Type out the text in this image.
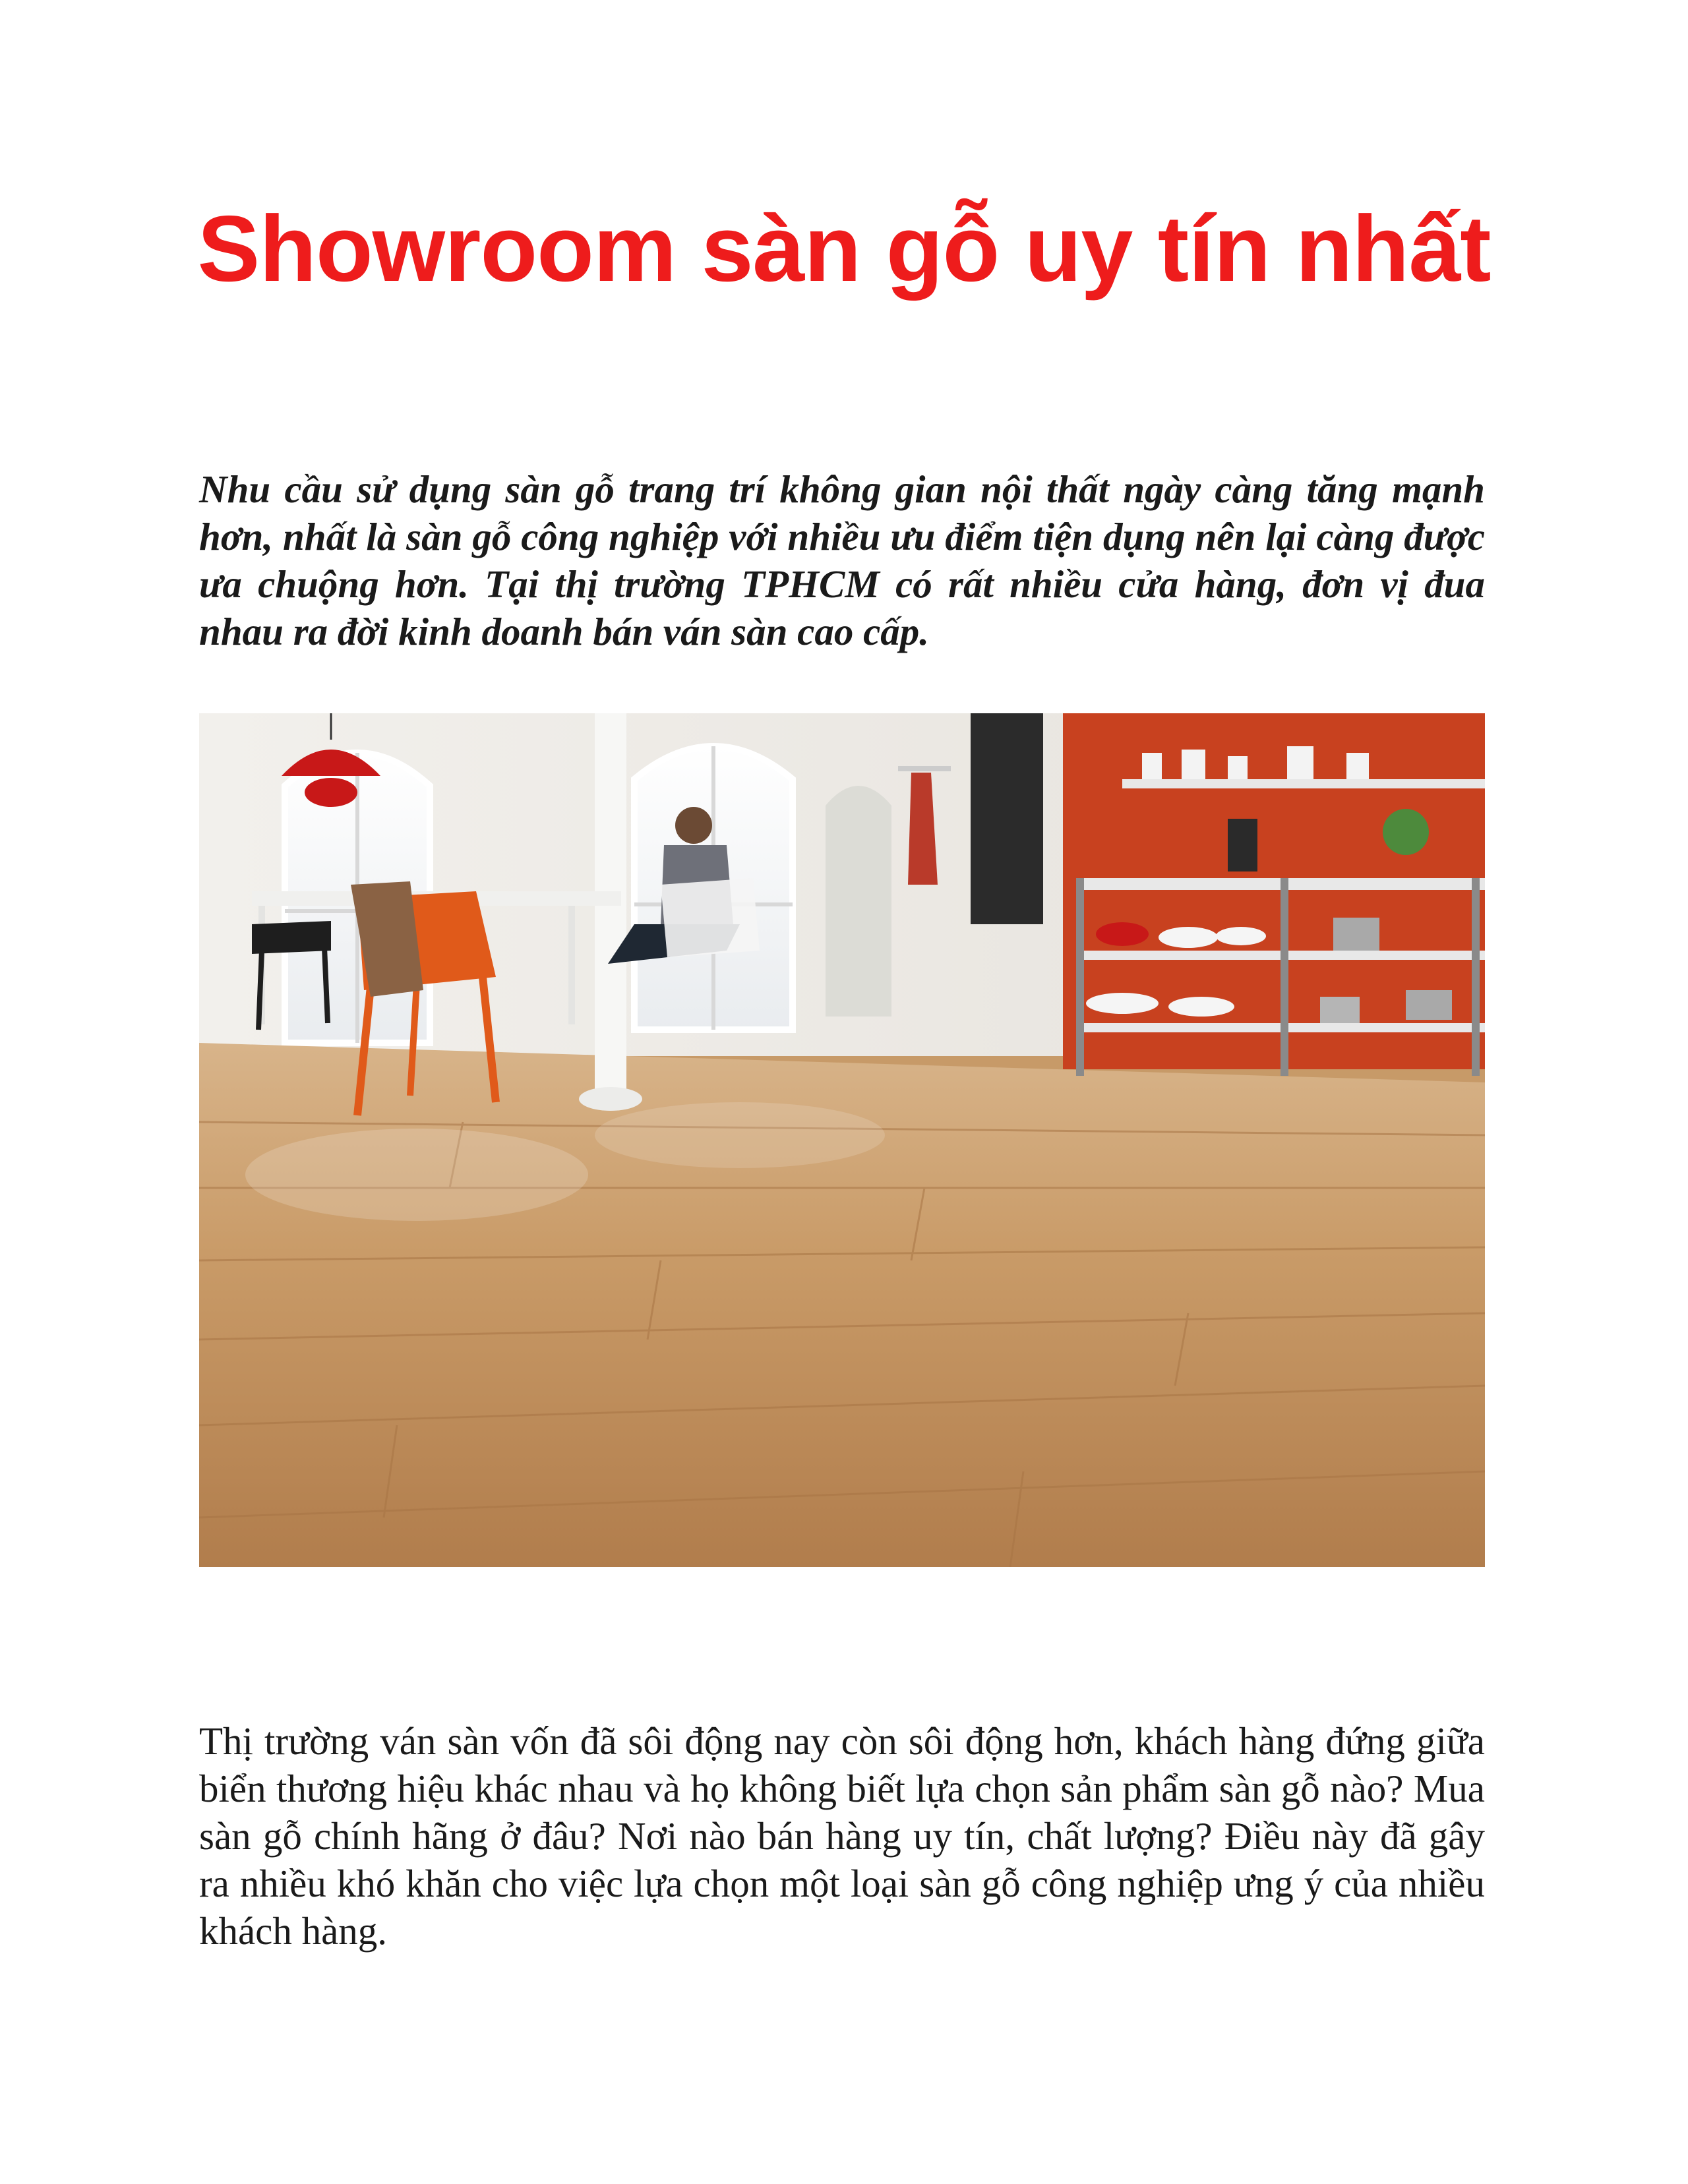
Showroom sàn gỗ uy tín nhất

Nhu cầu sử dụng sàn gỗ trang trí không gian nội thất ngày càng tăng mạnh hơn, nhất là sàn gỗ công nghiệp với nhiều ưu điểm tiện dụng nên lại càng được ưa chuộng hơn. Tại thị trường TPHCM có rất nhiều cửa hàng, đơn vị đua nhau ra đời kinh doanh bán ván sàn cao cấp.

Thị trường ván sàn vốn đã sôi động nay còn sôi động hơn, khách hàng đứng giữa biển thương hiệu khác nhau và họ không biết lựa chọn sản phẩm sàn gỗ nào? Mua sàn gỗ chính hãng ở đâu? Nơi nào bán hàng uy tín, chất lượng? Điều này đã gây ra nhiều khó khăn cho việc lựa chọn một loại sàn gỗ công nghiệp ưng ý của nhiều khách hàng.
